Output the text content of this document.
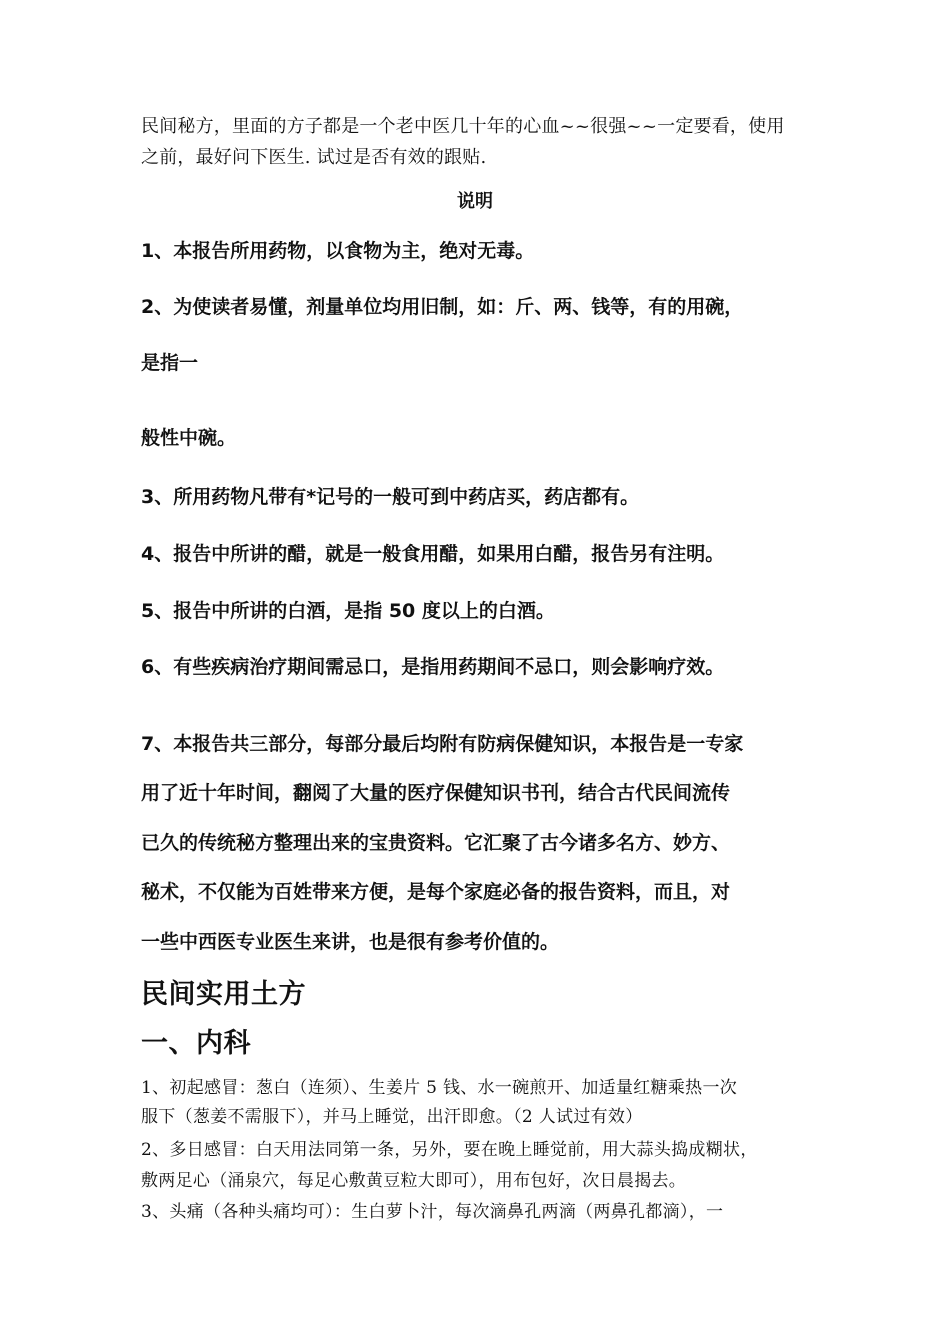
民间秘方，里面的方子都是一个老中医几十年的心血~~很强~~一定要看，使用
之前，最好问下医生. 试过是否有效的跟贴.
说明
1、本报告所用药物，以食物为主，绝对无毒。
2、为使读者易懂，剂量单位均用旧制，如：斤、两、钱等，有的用碗，
是指一
般性中碗。
3、所用药物凡带有*记号的一般可到中药店买，药店都有。
4、报告中所讲的醋，就是一般食用醋，如果用白醋，报告另有注明。
5、报告中所讲的白酒，是指 50 度以上的白酒。
6、有些疾病治疗期间需忌口，是指用药期间不忌口，则会影响疗效。
7、本报告共三部分，每部分最后均附有防病保健知识，本报告是一专家
用了近十年时间，翻阅了大量的医疗保健知识书刊，结合古代民间流传
已久的传统秘方整理出来的宝贵资料。它汇聚了古今诸多名方、妙方、
秘术，不仅能为百姓带来方便，是每个家庭必备的报告资料，而且，对
一些中西医专业医生来讲，也是很有参考价值的。
民间实用土方
一、内科
1、初起感冒：葱白（连须）、生姜片 5 钱、水一碗煎开、加适量红糖乘热一次
服下（葱姜不需服下），并马上睡觉，出汗即愈。（2 人试过有效）
2、多日感冒：白天用法同第一条，另外，要在晚上睡觉前，用大蒜头捣成糊状，
敷两足心（涌泉穴，每足心敷黄豆粒大即可），用布包好，次日晨揭去。
3、头痛（各种头痛均可）：生白萝卜汁，每次滴鼻孔两滴（两鼻孔都滴），一
